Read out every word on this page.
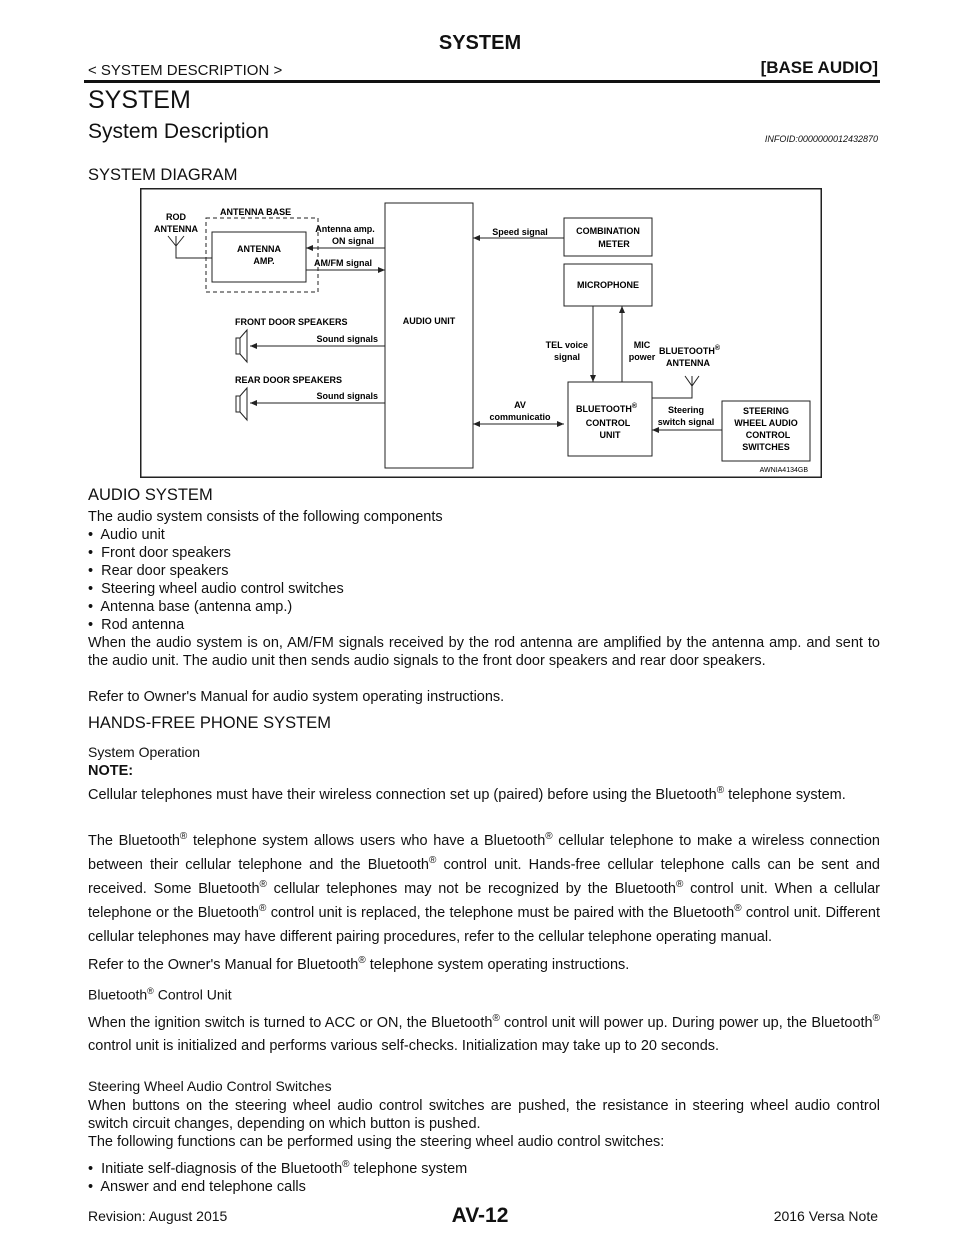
SYSTEM
< SYSTEM DESCRIPTION >	[BASE AUDIO]
SYSTEM
System Description	INFOID:0000000012432870
SYSTEM DIAGRAM
ROD
ANTENNA
ANTENNA BASE
ANTENNA
AMP.
AUDIO UNIT
Antenna amp.
ON signal
AM/FM signal
FRONT DOOR SPEAKERS
Sound signals
REAR DOOR SPEAKERS
Sound signals
COMBINATION
METER
Speed signal
MICROPHONE
TEL voice
signal
MIC
power
BLUETOOTH®
ANTENNA
AV
communicatio
BLUETOOTH®
CONTROL
UNIT
Steering
switch signal
STEERING
WHEEL AUDIO
CONTROL
SWITCHES
AWNIA4134GB
AUDIO SYSTEM
The audio system consists of the following components
•  Audio unit
•  Front door speakers
•  Rear door speakers
•  Steering wheel audio control switches
•  Antenna base (antenna amp.)
•  Rod antenna
When the audio system is on, AM/FM signals received by the rod antenna are amplified by the antenna amp. and sent to the audio unit. The audio unit then sends audio signals to the front door speakers and rear door speakers.
Refer to Owner's Manual for audio system operating instructions.
HANDS-FREE PHONE SYSTEM
System Operation
NOTE:
Cellular telephones must have their wireless connection set up (paired) before using the Bluetooth® telephone system.
The Bluetooth® telephone system allows users who have a Bluetooth® cellular telephone to make a wireless connection between their cellular telephone and the Bluetooth® control unit. Hands-free cellular telephone calls can be sent and received. Some Bluetooth® cellular telephones may not be recognized by the Bluetooth® control unit. When a cellular telephone or the Bluetooth® control unit is replaced, the telephone must be paired with the Bluetooth® control unit. Different cellular telephones may have different pairing procedures, refer to the cellular telephone operating manual.
Refer to the Owner's Manual for Bluetooth® telephone system operating instructions.
Bluetooth® Control Unit
When the ignition switch is turned to ACC or ON, the Bluetooth® control unit will power up. During power up, the Bluetooth® control unit is initialized and performs various self-checks. Initialization may take up to 20 seconds.
Steering Wheel Audio Control Switches
When buttons on the steering wheel audio control switches are pushed, the resistance in steering wheel audio control switch circuit changes, depending on which button is pushed.
The following functions can be performed using the steering wheel audio control switches:
•  Initiate self-diagnosis of the Bluetooth® telephone system
•  Answer and end telephone calls
Revision: August 2015	AV-12	2016 Versa Note
